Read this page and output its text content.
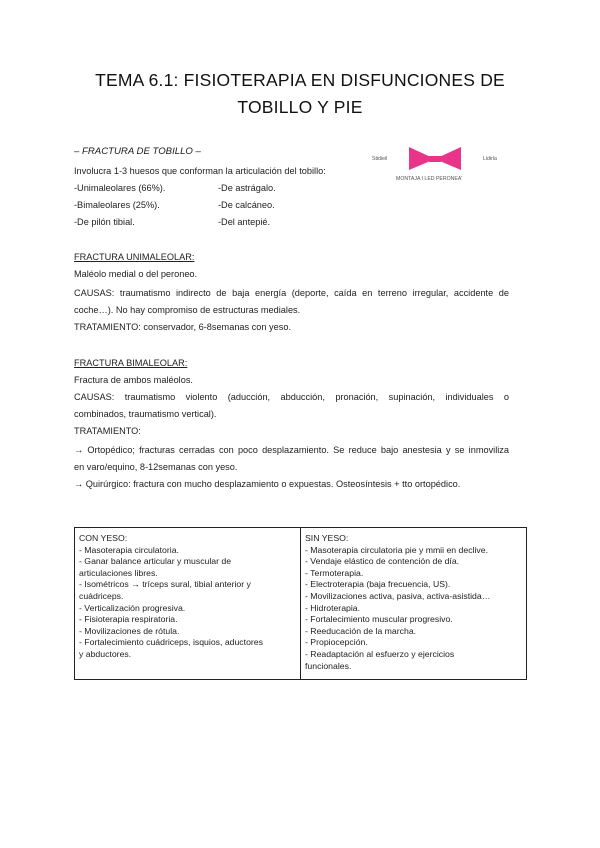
TEMA 6.1: FISIOTERAPIA EN DISFUNCIONES DE
TOBILLO Y PIE
Stidieil	Lidirla
MONTAJA I LED PERONEA'
– FRACTURA DE TOBILLO –
Involucra 1-3 huesos que conforman la articulación del tobillo:
-Unimaleolares (66%).
-Bimaleolares (25%).
-De pilón tibial.
-De astrágalo.
-De calcáneo.
-Del antepié.
FRACTURA UNIMALEOLAR:
Maléolo medial o del peroneo.
CAUSAS: traumatismo indirecto de baja energía (deporte, caída en terreno irregular, accidente de
coche…). No hay compromiso de estructuras mediales.
TRATAMIENTO: conservador, 6-8semanas con yeso.
FRACTURA BIMALEOLAR:
Fractura de ambos maléolos.
CAUSAS: traumatismo violento (aducción, abducción, pronación, supinación, individuales o
combinados, traumatismo vertical).
TRATAMIENTO:
→ Ortopédico; fracturas cerradas con poco desplazamiento. Se reduce bajo anestesia y se inmoviliza
en varo/equino, 8-12semanas con yeso.
→ Quirúrgico: fractura con mucho desplazamiento o expuestas. Osteosíntesis + tto ortopédico.
CON YESO:
- Masoterapia circulatoria.
- Ganar balance articular y muscular de
articulaciones libres.
- Isométricos → tríceps sural, tibial anterior y
cuádriceps.
- Verticalización progresiva.
- Fisioterapia respiratoria.
- Movilizaciones de rótula.
- Fortalecimiento cuádriceps, isquios, aductores
y abductores.
SIN YESO:
- Masoterapia circulatoria pie y mmii en declive.
- Vendaje elástico de contención de día.
- Termoterapia.
- Electroterapia (baja frecuencia, US).
- Movilizaciones activa, pasiva, activa-asistida…
- Hidroterapia.
- Fortalecimiento muscular progresivo.
- Reeducación de la marcha.
- Propiocepción.
- Readaptación al esfuerzo y ejercicios
funcionales.
